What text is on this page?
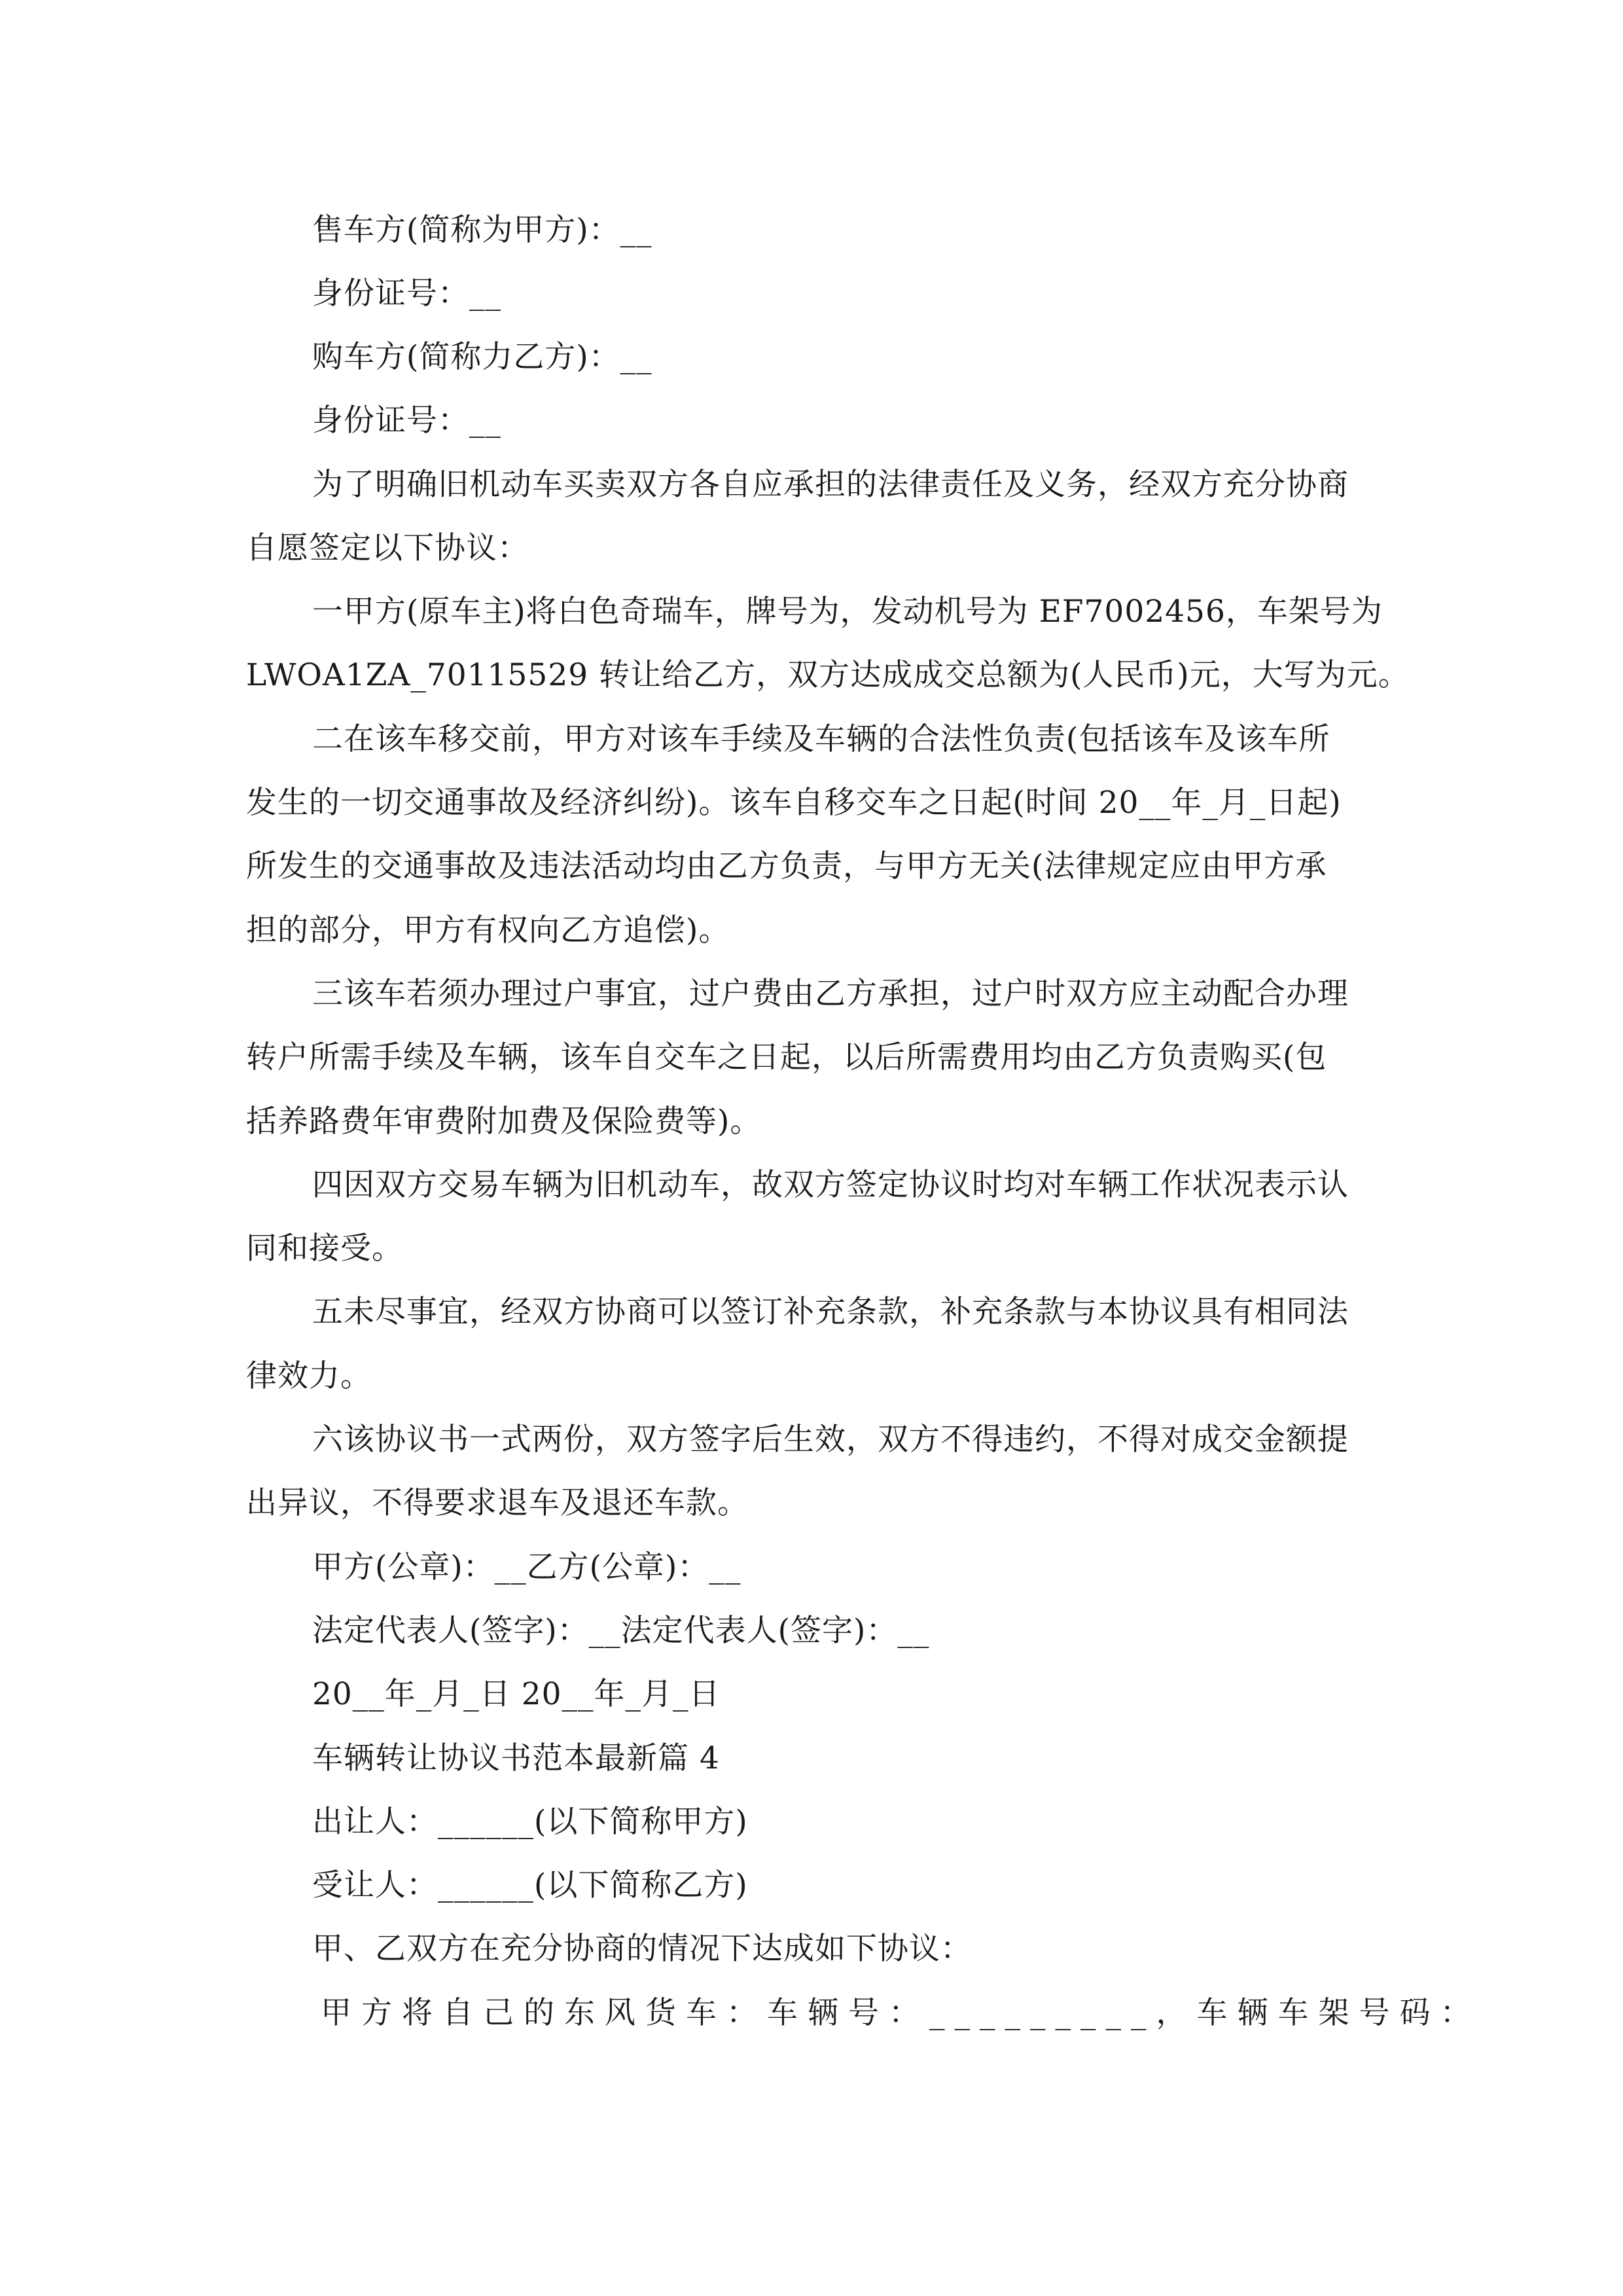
售车方(简称为甲方)：__
身份证号：__
购车方(简称力乙方)：__
身份证号：__
为了明确旧机动车买卖双方各自应承担的法律责任及义务，经双方充分协商
自愿签定以下协议：
一甲方(原车主)将白色奇瑞车，牌号为，发动机号为 EF7002456，车架号为
LWOA1ZA_70115529 转让给乙方，双方达成成交总额为(人民币)元，大写为元。
二在该车移交前，甲方对该车手续及车辆的合法性负责(包括该车及该车所
发生的一切交通事故及经济纠纷)。该车自移交车之日起(时间 20__年_月_日起)
所发生的交通事故及违法活动均由乙方负责，与甲方无关(法律规定应由甲方承
担的部分，甲方有权向乙方追偿)。
三该车若须办理过户事宜，过户费由乙方承担，过户时双方应主动配合办理
转户所需手续及车辆，该车自交车之日起，以后所需费用均由乙方负责购买(包
括养路费年审费附加费及保险费等)。
四因双方交易车辆为旧机动车，故双方签定协议时均对车辆工作状况表示认
同和接受。
五未尽事宜，经双方协商可以签订补充条款，补充条款与本协议具有相同法
律效力。
六该协议书一式两份，双方签字后生效，双方不得违约，不得对成交金额提
出异议，不得要求退车及退还车款。
甲方(公章)：__乙方(公章)：__
法定代表人(签字)：__法定代表人(签字)：__
20__年_月_日 20__年_月_日
车辆转让协议书范本最新篇 4
出让人：______(以下简称甲方)
受让人：______(以下简称乙方)
甲、乙双方在充分协商的情况下达成如下协议：
甲方将自己的东风货车：车辆号：_________，车辆车架号码：
